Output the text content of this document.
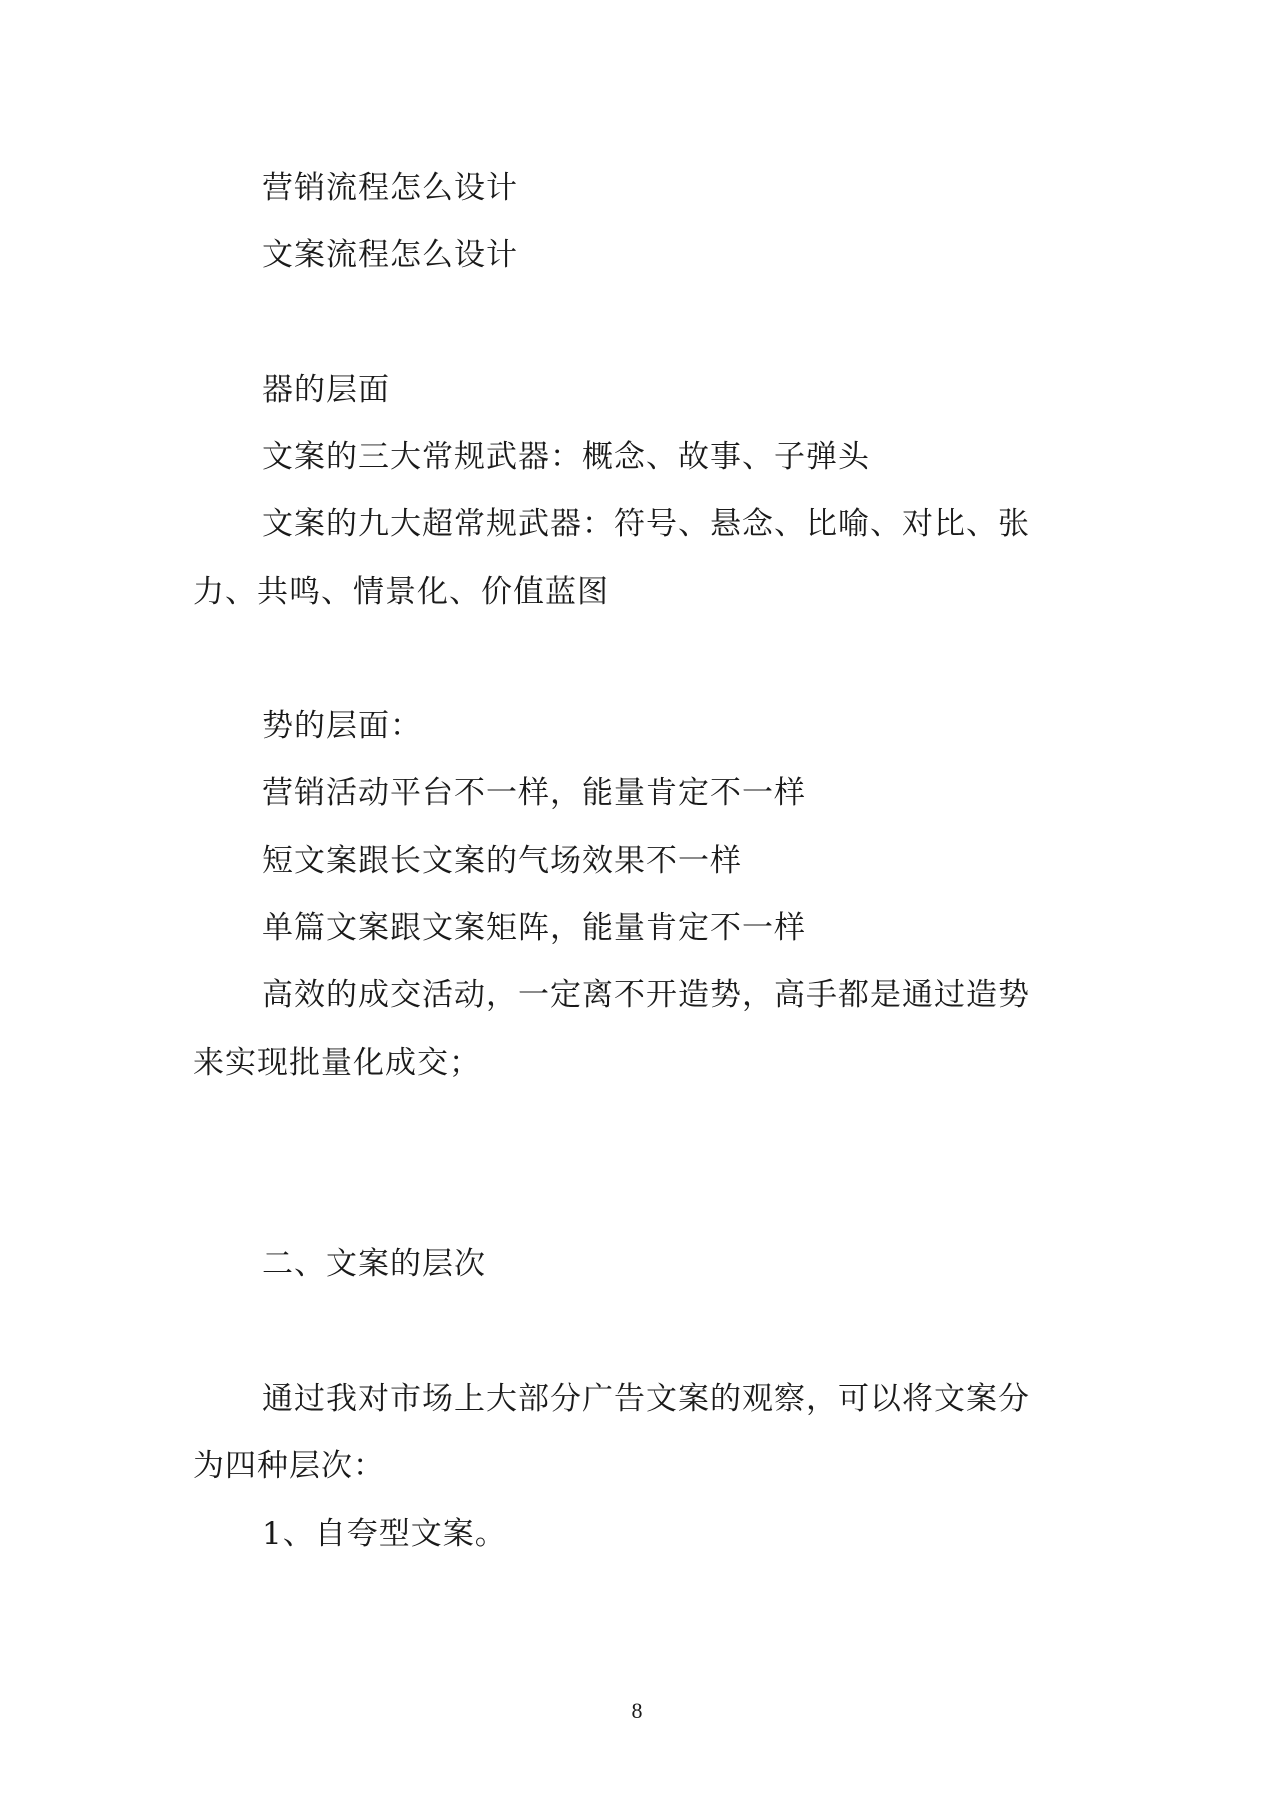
营销流程怎么设计
文案流程怎么设计
器的层面
文案的三大常规武器：概念、故事、子弹头
文案的九大超常规武器：符号、悬念、比喻、对比、张
力、共鸣、情景化、价值蓝图
势的层面：
营销活动平台不一样，能量肯定不一样
短文案跟长文案的气场效果不一样
单篇文案跟文案矩阵，能量肯定不一样
高效的成交活动，一定离不开造势，高手都是通过造势
来实现批量化成交；
二、文案的层次
通过我对市场上大部分广告文案的观察，可以将文案分
为四种层次：
1、自夸型文案。
8
